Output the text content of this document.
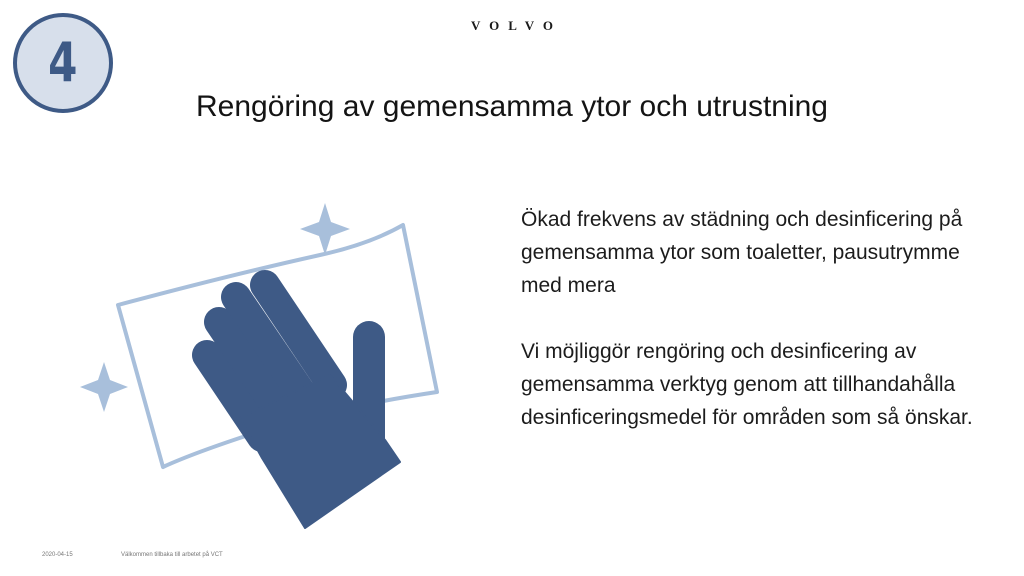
4
VOLVO
Rengöring av gemensamma ytor och utrustning

Ökad frekvens av städning och desinficering på gemensamma ytor som toaletter, pausutrymme med mera

Vi möjliggör rengöring och desinficering av gemensamma verktyg genom att tillhandahålla desinficeringsmedel för områden som så önskar.

2020-04-15	Välkommen tillbaka till arbetet på VCT
